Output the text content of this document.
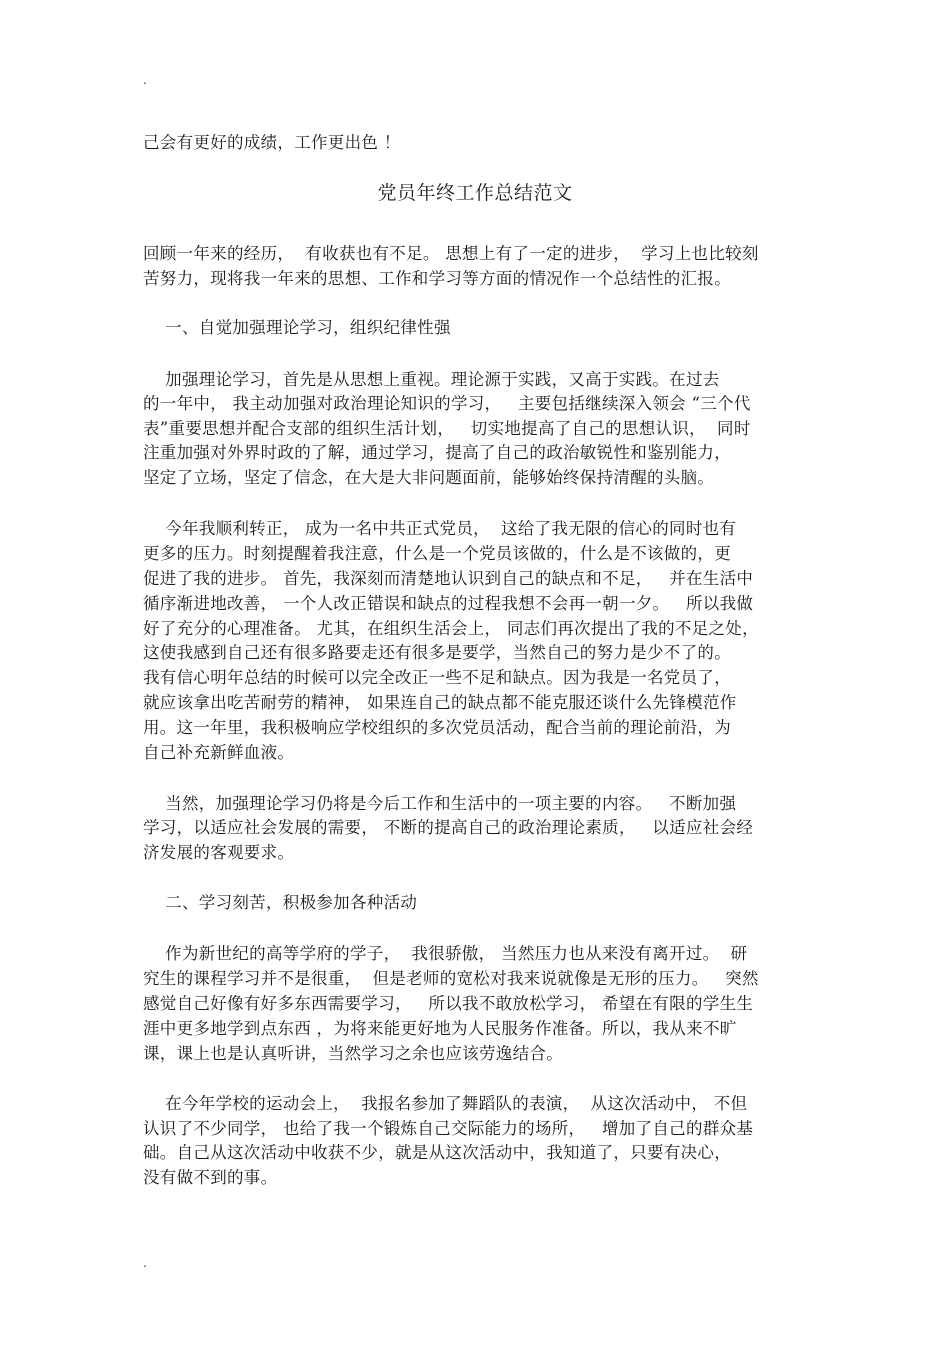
.
己会有更好的成绩，工作更出色 ！
党员年终工作总结范文
回顾一年来的经历，  有收获也有不足。 思想上有了一定的进步，  学习上也比较刻
苦努力，现将我一年来的思想、工作和学习等方面的情况作一个总结性的汇报。
一、自觉加强理论学习，组织纪律性强
加强理论学习，首先是从思想上重视。理论源于实践，又高于实践。在过去
的一年中， 我主动加强对政治理论知识的学习，   主要包括继续深入领会 “三个代
表”重要思想并配合支部的组织生活计划，   切实地提高了自己的思想认识，  同时
注重加强对外界时政的了解，通过学习，提高了自己的政治敏锐性和鉴别能力，
坚定了立场，坚定了信念，在大是大非问题面前，能够始终保持清醒的头脑。
今年我顺利转正， 成为一名中共正式党员，  这给了我无限的信心的同时也有
更多的压力。时刻提醒着我注意，什么是一个党员该做的，什么是不该做的，更
促进了我的进步。 首先，我深刻而清楚地认识到自己的缺点和不足，   并在生活中
循序渐进地改善， 一个人改正错误和缺点的过程我想不会再一朝一夕。   所以我做
好了充分的心理准备。 尤其，在组织生活会上， 同志们再次提出了我的不足之处，
这使我感到自己还有很多路要走还有很多是要学，当然自己的努力是少不了的。
我有信心明年总结的时候可以完全改正一些不足和缺点。因为我是一名党员了，
就应该拿出吃苦耐劳的精神， 如果连自己的缺点都不能克服还谈什么先锋模范作
用。这一年里，我积极响应学校组织的多次党员活动，配合当前的理论前沿，为
自己补充新鲜血液。
当然，加强理论学习仍将是今后工作和生活中的一项主要的内容。   不断加强
学习，以适应社会发展的需要， 不断的提高自己的政治理论素质，   以适应社会经
济发展的客观要求。
二、学习刻苦，积极参加各种活动
作为新世纪的高等学府的学子，  我很骄傲， 当然压力也从来没有离开过。  研
究生的课程学习并不是很重，  但是老师的宽松对我来说就像是无形的压力。   突然
感觉自己好像有好多东西需要学习，   所以我不敢放松学习， 希望在有限的学生生
涯中更多地学到点东西 ，为将来能更好地为人民服务作准备。所以，我从来不旷
课，课上也是认真听讲，当然学习之余也应该劳逸结合。
在今年学校的运动会上，  我报名参加了舞蹈队的表演，  从这次活动中， 不但
认识了不少同学， 也给了我一个锻炼自己交际能力的场所，   增加了自己的群众基
础。自己从这次活动中收获不少，就是从这次活动中，我知道了，只要有决心，
没有做不到的事。
.
